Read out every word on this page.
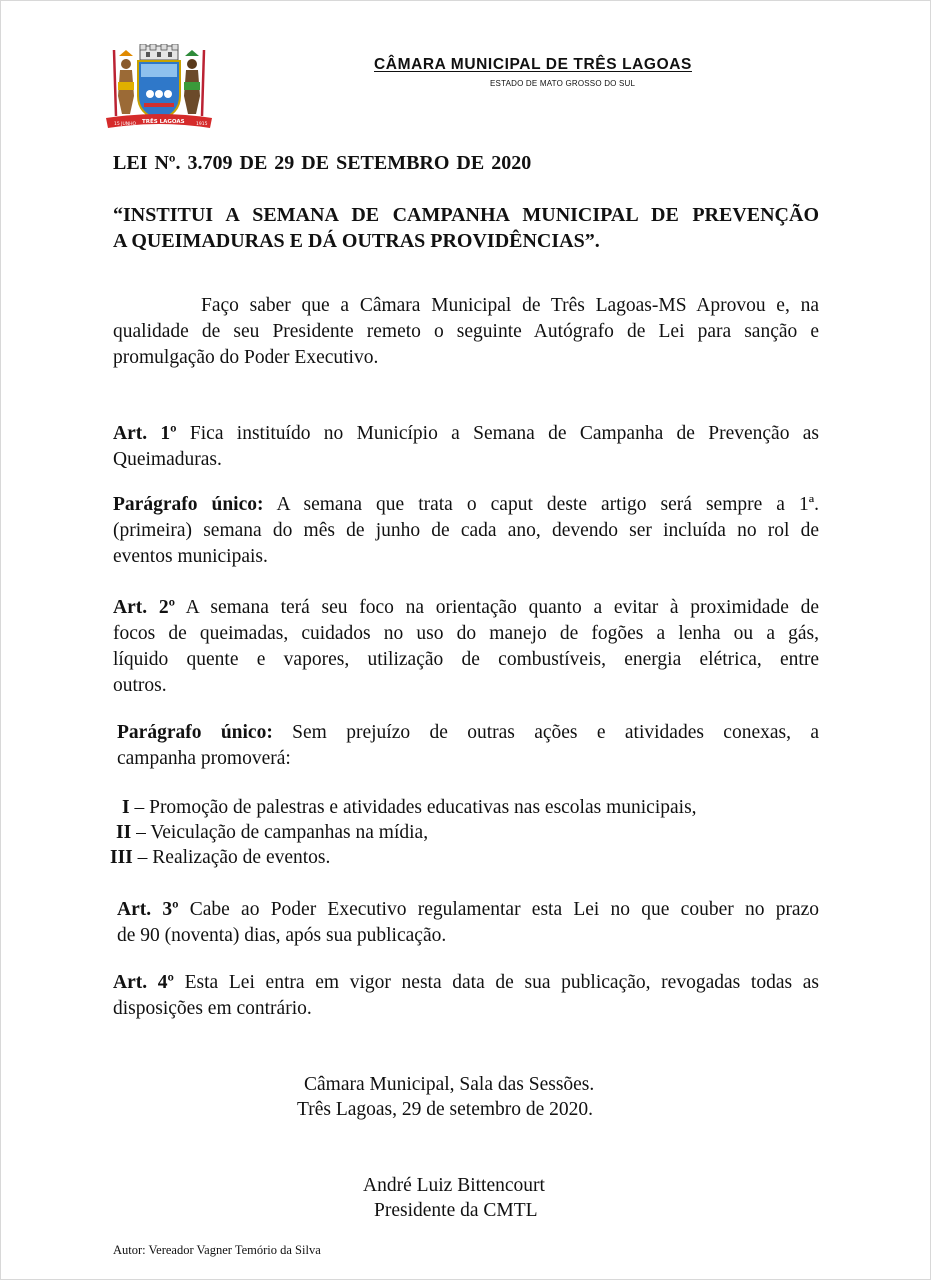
15 JUNHO TRÊS LAGOAS	1915
CÂMARA MUNICIPAL DE TRÊS LAGOAS
ESTADO DE MATO GROSSO DO SUL
LEI Nº. 3.709 DE 29 DE SETEMBRO DE 2020
“INSTITUI A SEMANA DE CAMPANHA MUNICIPAL DE PREVENÇÃO
A QUEIMADURAS E DÁ OUTRAS PROVIDÊNCIAS”.
Faço saber que a Câmara Municipal de Três Lagoas-MS Aprovou e, na
qualidade de seu Presidente remeto o seguinte Autógrafo de Lei para sanção e
promulgação do Poder Executivo.
Art. 1º Fica instituído no Município a Semana de Campanha de Prevenção as
Queimaduras.
Parágrafo único: A semana que trata o caput deste artigo será sempre a 1ª.
(primeira) semana do mês de junho de cada ano, devendo ser incluída no rol de
eventos municipais.
Art. 2º A semana terá seu foco na orientação quanto a evitar à proximidade de
focos de queimadas, cuidados no uso do manejo de fogões a lenha ou a gás,
líquido quente e vapores, utilização de combustíveis, energia elétrica, entre
outros.
Parágrafo único: Sem prejuízo de outras ações e atividades conexas, a
campanha promoverá:
I – Promoção de palestras e atividades educativas nas escolas municipais,
II – Veiculação de campanhas na mídia,
III – Realização de eventos.
Art. 3º Cabe ao Poder Executivo regulamentar esta Lei no que couber no prazo
de 90 (noventa) dias, após sua publicação.
Art. 4º Esta Lei entra em vigor nesta data de sua publicação, revogadas todas as
disposições em contrário.
Câmara Municipal, Sala das Sessões.
Três Lagoas, 29 de setembro de 2020.
André Luiz Bittencourt
Presidente da CMTL
Autor: Vereador Vagner Temório da Silva
